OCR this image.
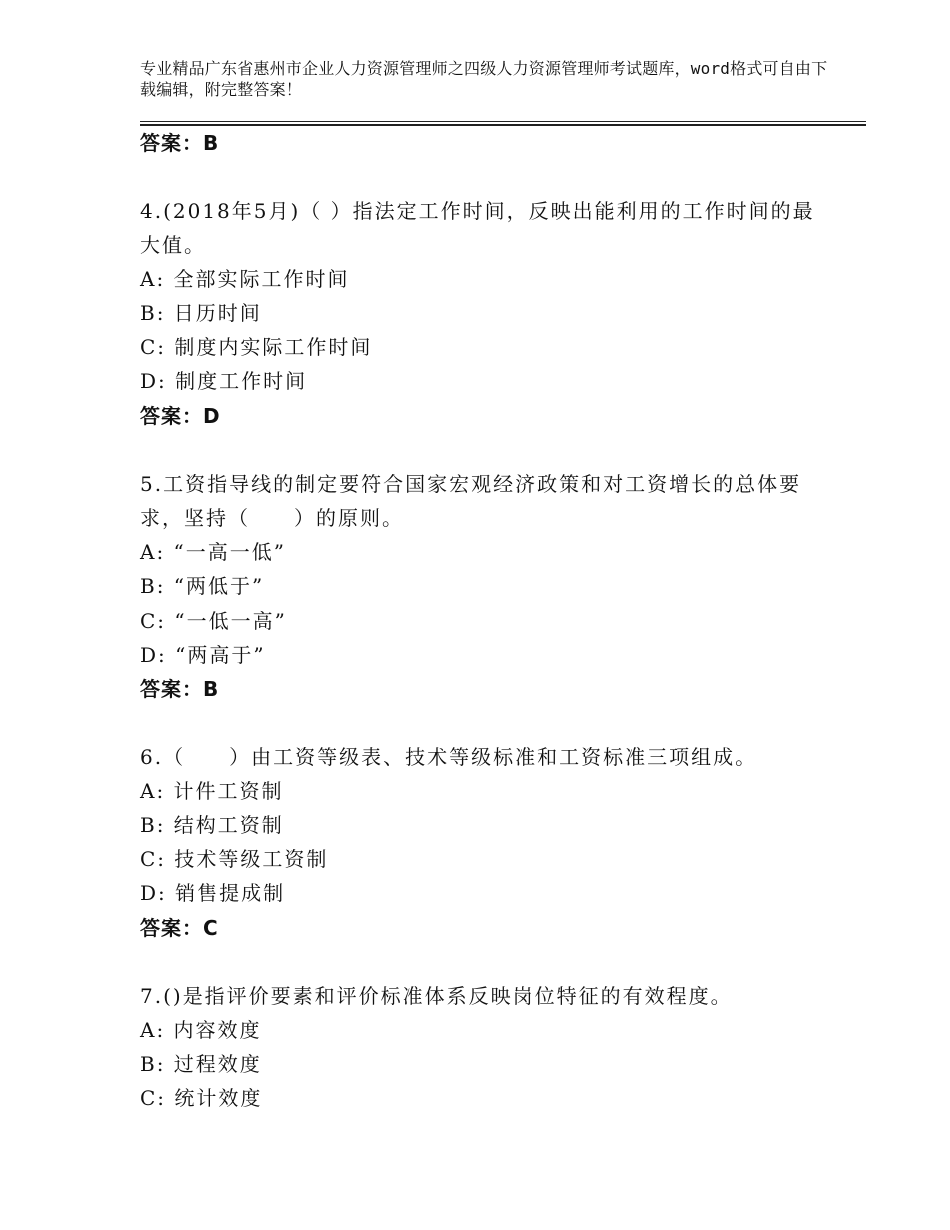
专业精品广东省惠州市企业人力资源管理师之四级人力资源管理师考试题库，word格式可自由下载编辑，附完整答案！
答案：B
4.(2018年5月)（ ）指法定工作时间，反映出能利用的工作时间的最
大值。
A: 全部实际工作时间
B: 日历时间
C: 制度内实际工作时间
D: 制度工作时间
答案：D
5.工资指导线的制定要符合国家宏观经济政策和对工资增长的总体要
求，坚持（　　）的原则。
A: “一高一低”
B: “两低于”
C: “一低一高”
D: “两高于”
答案：B
6.（　　）由工资等级表、技术等级标准和工资标准三项组成。
A: 计件工资制
B: 结构工资制
C: 技术等级工资制
D: 销售提成制
答案：C
7.()是指评价要素和评价标准体系反映岗位特征的有效程度。
A: 内容效度
B: 过程效度
C: 统计效度
